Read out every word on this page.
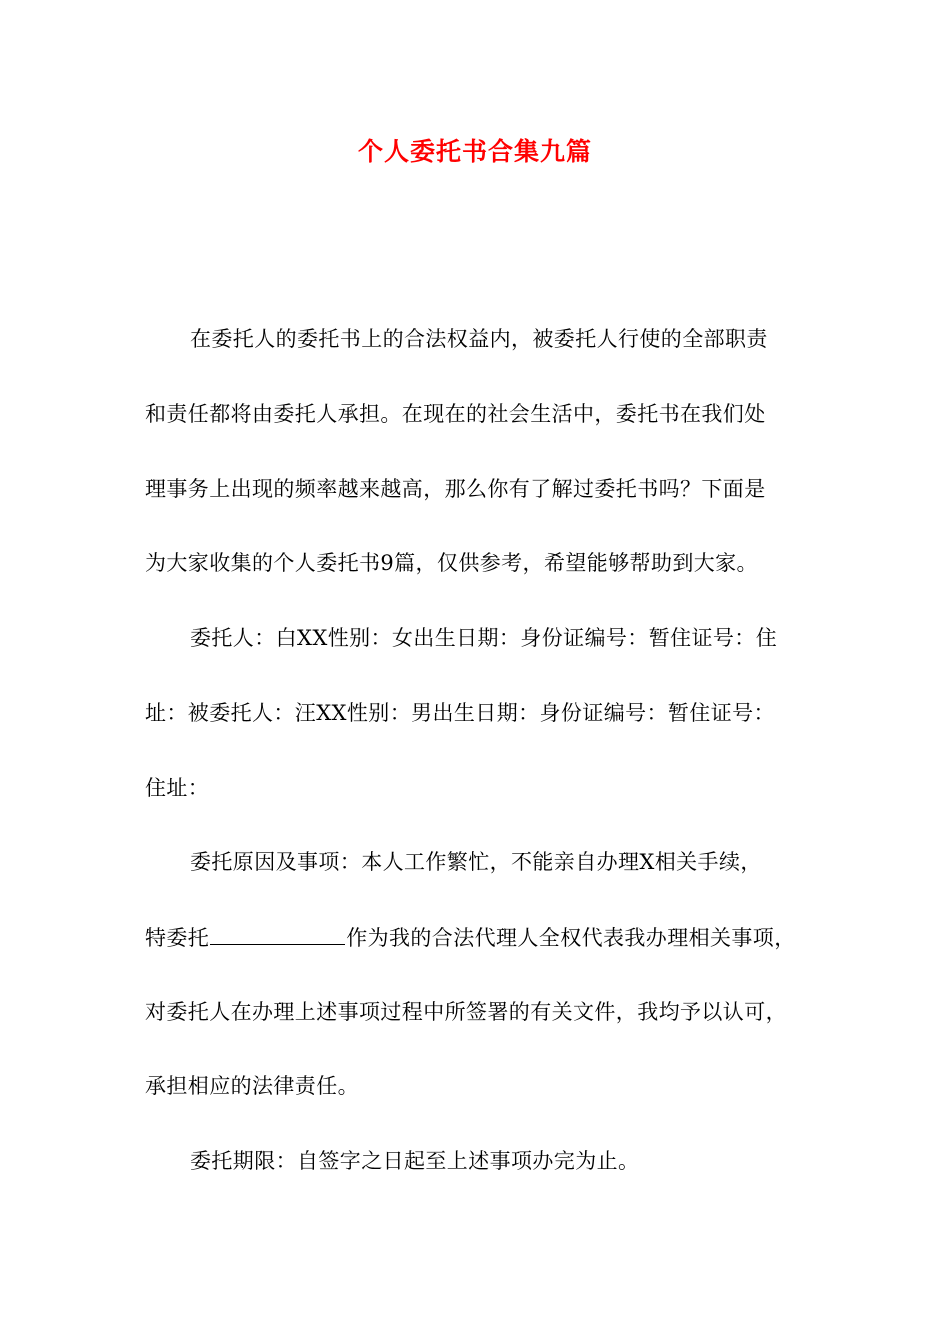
个人委托书合集九篇
在委托人的委托书上的合法权益内，被委托人行使的全部职责
和责任都将由委托人承担。在现在的社会生活中，委托书在我们处
理事务上出现的频率越来越高，那么你有了解过委托书吗？下面是
为大家收集的个人委托书9篇，仅供参考，希望能够帮助到大家。
委托人：白XX性别：女出生日期：身份证编号：暂住证号：住
址：被委托人：汪XX性别：男出生日期：身份证编号：暂住证号：
住址：
委托原因及事项：本人工作繁忙，不能亲自办理X相关手续，
特委托	作为我的合法代理人全权代表我办理相关事项，
对委托人在办理上述事项过程中所签署的有关文件，我均予以认可，
承担相应的法律责任。
委托期限：自签字之日起至上述事项办完为止。
